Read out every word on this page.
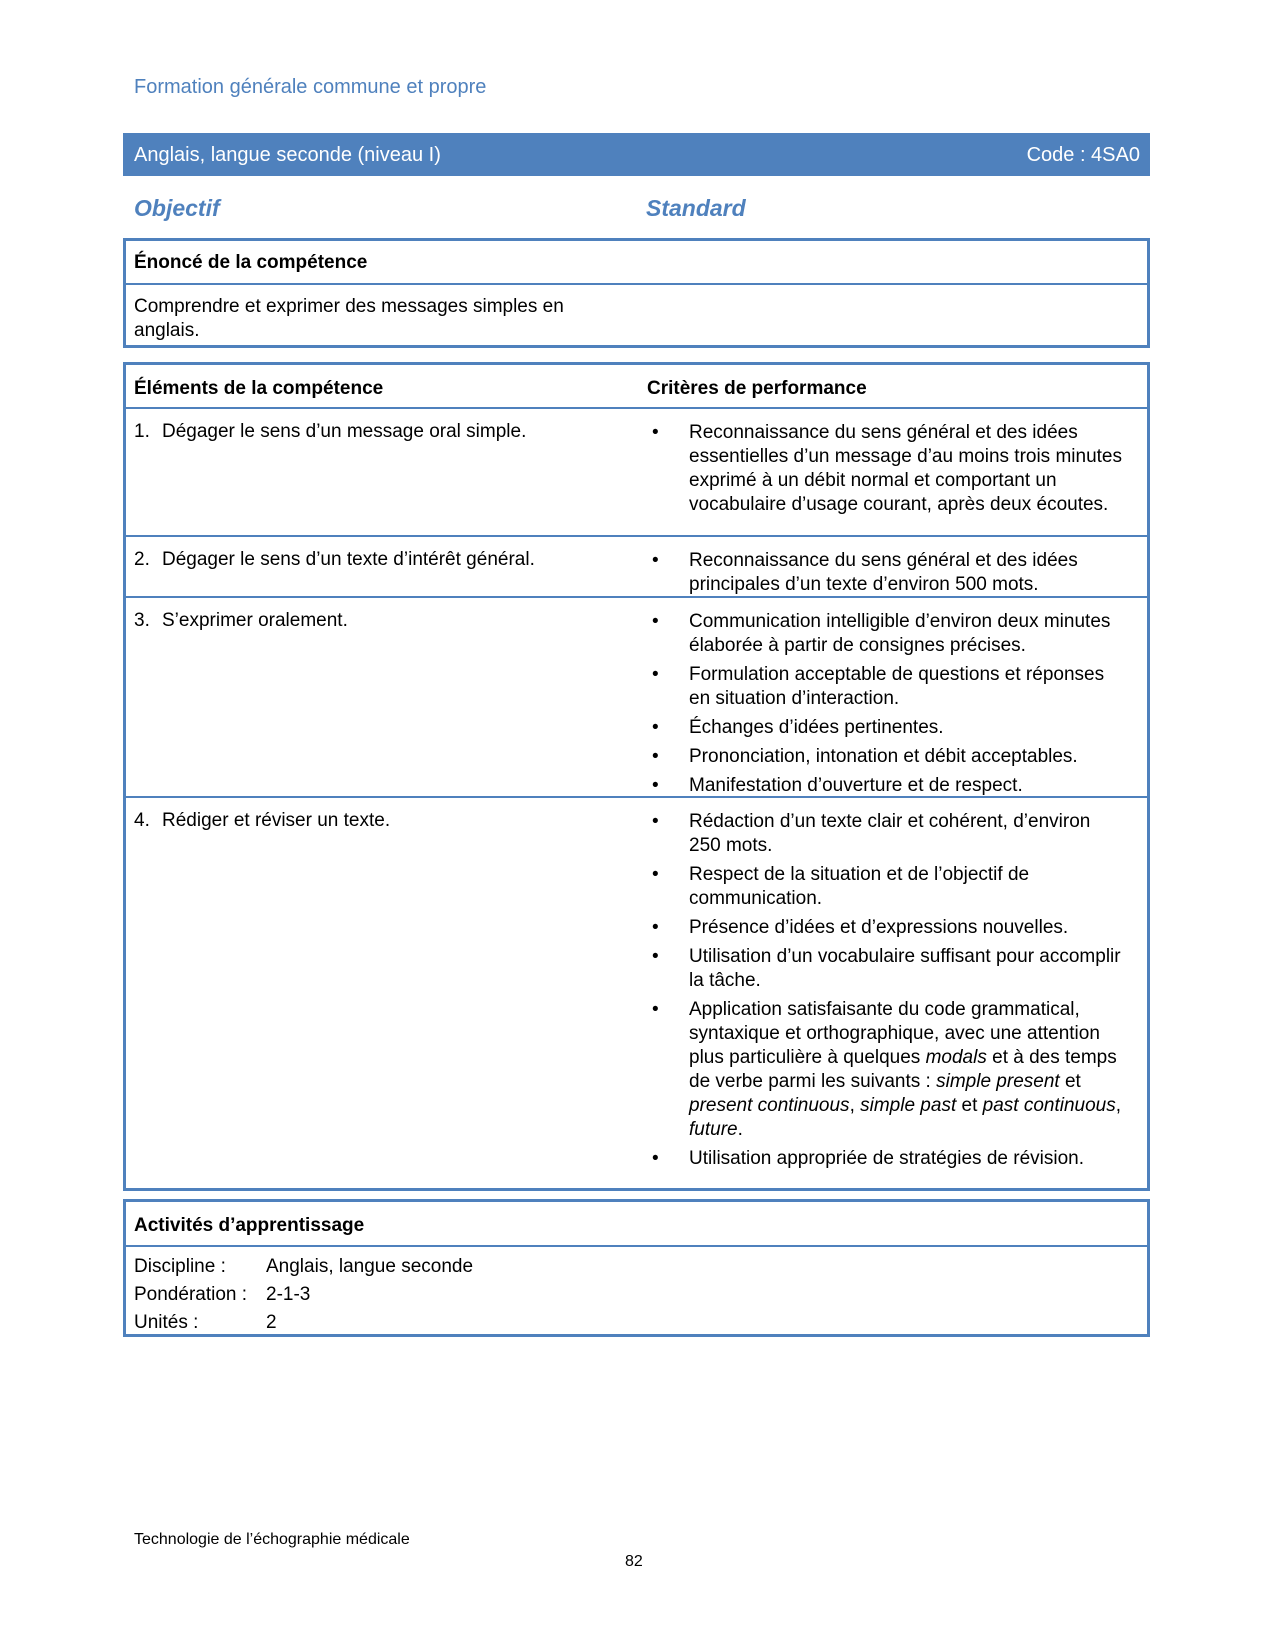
Formation générale commune et propre
Anglais, langue seconde (niveau I)	Code : 4SA0
Objectif	Standard
Énoncé de la compétence
Comprendre et exprimer des messages simples en anglais.
Éléments de la compétence	Critères de performance
1. Dégager le sens d’un message oral simple.	• Reconnaissance du sens général et des idées essentielles d’un message d’au moins trois minutes exprimé à un débit normal et comportant un vocabulaire d’usage courant, après deux écoutes.
2. Dégager le sens d’un texte d’intérêt général.	• Reconnaissance du sens général et des idées principales d’un texte d’environ 500 mots.
3. S’exprimer oralement.	• Communication intelligible d’environ deux minutes élaborée à partir de consignes précises.
• Formulation acceptable de questions et réponses en situation d’interaction.
• Échanges d’idées pertinentes.
• Prononciation, intonation et débit acceptables.
• Manifestation d’ouverture et de respect.
4. Rédiger et réviser un texte.	• Rédaction d’un texte clair et cohérent, d’environ 250 mots.
• Respect de la situation et de l’objectif de communication.
• Présence d’idées et d’expressions nouvelles.
• Utilisation d’un vocabulaire suffisant pour accomplir la tâche.
• Application satisfaisante du code grammatical, syntaxique et orthographique, avec une attention plus particulière à quelques modals et à des temps de verbe parmi les suivants : simple present et present continuous, simple past et past continuous, future.
• Utilisation appropriée de stratégies de révision.
Activités d’apprentissage
Discipline : Anglais, langue seconde
Pondération : 2-1-3
Unités :	2
Technologie de l’échographie médicale
82
